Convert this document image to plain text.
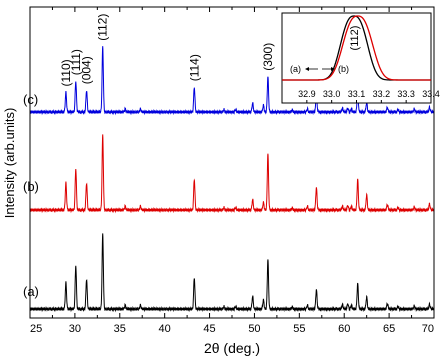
25 30	35	40	45	50	55	60	65 70
2θ (deg.)
Intensity (arb.units)
(a)
(b)
(c)
(110)
(111)
(004)
(112)
(114)	(300)
32.9 33.0 33.1 33.2 33.3 33.4
(112)
(a)	(b)
